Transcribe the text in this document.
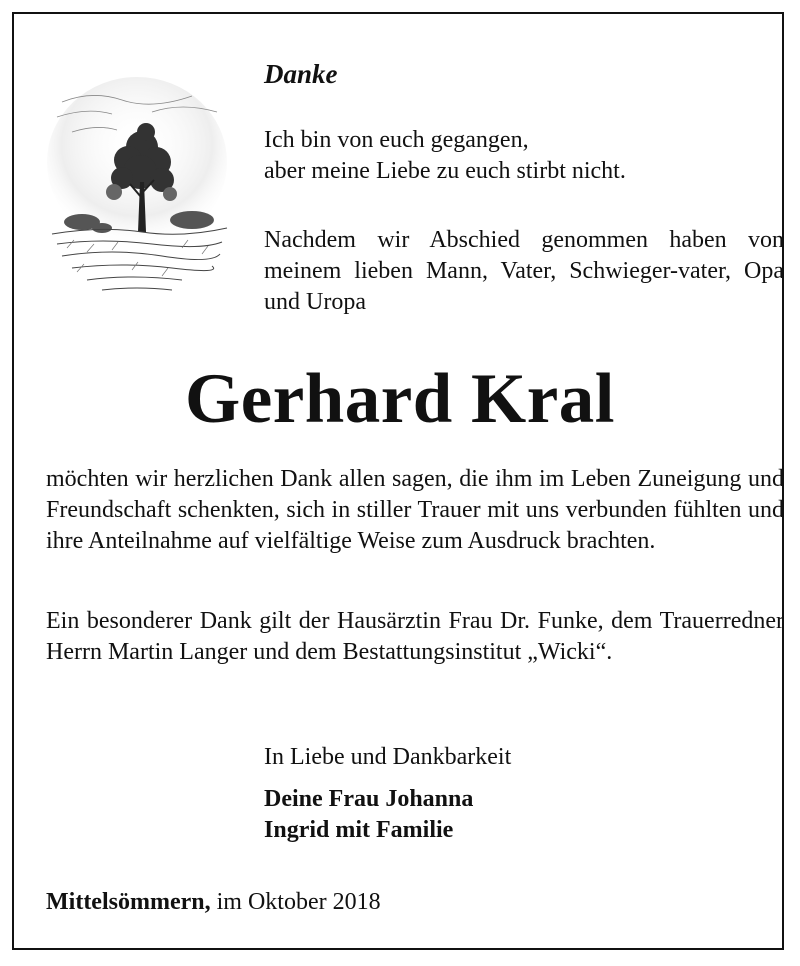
Danke
Ich bin von euch gegangen,
aber meine Liebe zu euch stirbt nicht.
Nachdem wir Abschied genommen haben von meinem lieben Mann, Vater, Schwieger-vater, Opa und Uropa
Gerhard Kral
möchten wir herzlichen Dank allen sagen, die ihm im Leben Zuneigung und Freundschaft schenkten, sich in stiller Trauer mit uns verbunden fühlten und ihre Anteilnahme auf vielfältige Weise zum Ausdruck brachten.
Ein besonderer Dank gilt der Hausärztin Frau Dr. Funke, dem Trauerredner Herrn Martin Langer und dem Bestattungsinstitut „Wicki“.
In Liebe und Dankbarkeit
Deine Frau Johanna
Ingrid mit Familie
Mittelsömmern, im Oktober 2018
